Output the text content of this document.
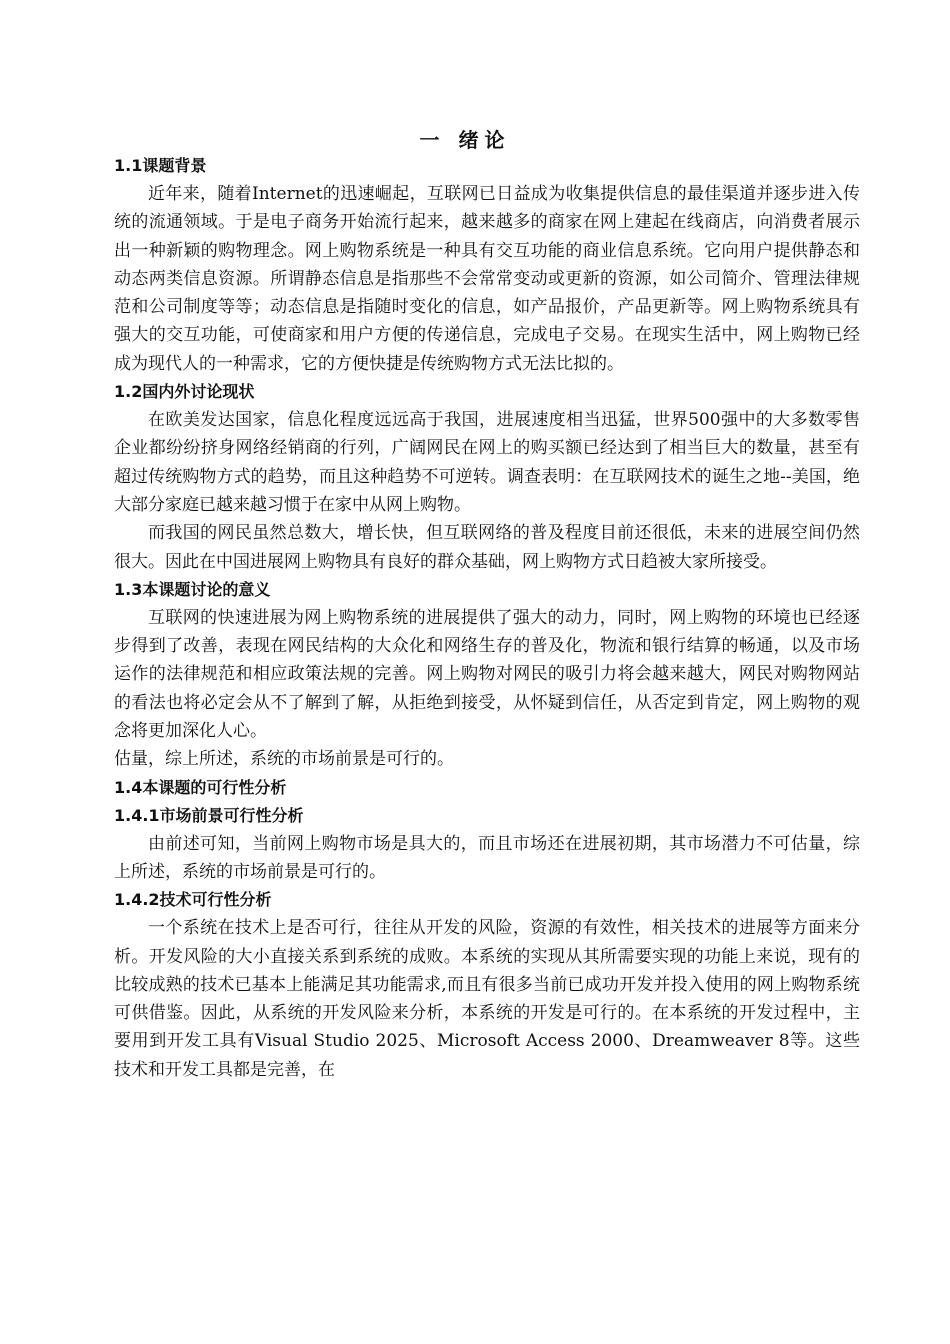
一 绪论
1.1课题背景
近年来，随着Internet的迅速崛起，互联网已日益成为收集提供信息的最佳渠道并逐步进入传统的流通领域。于是电子商务开始流行起来，越来越多的商家在网上建起在线商店，向消费者展示出一种新颖的购物理念。网上购物系统是一种具有交互功能的商业信息系统。它向用户提供静态和动态两类信息资源。所谓静态信息是指那些不会常常变动或更新的资源，如公司简介、管理法律规范和公司制度等等；动态信息是指随时变化的信息，如产品报价，产品更新等。网上购物系统具有强大的交互功能，可使商家和用户方便的传递信息，完成电子交易。在现实生活中，网上购物已经成为现代人的一种需求，它的方便快捷是传统购物方式无法比拟的。
1.2国内外讨论现状
在欧美发达国家，信息化程度远远高于我国，进展速度相当迅猛，世界500强中的大多数零售企业都纷纷挤身网络经销商的行列，广阔网民在网上的购买额已经达到了相当巨大的数量，甚至有超过传统购物方式的趋势，而且这种趋势不可逆转。调查表明：在互联网技术的诞生之地--美国，绝大部分家庭已越来越习惯于在家中从网上购物。
而我国的网民虽然总数大，增长快，但互联网络的普及程度目前还很低，未来的进展空间仍然很大。因此在中国进展网上购物具有良好的群众基础，网上购物方式日趋被大家所接受。
1.3本课题讨论的意义
互联网的快速进展为网上购物系统的进展提供了强大的动力，同时，网上购物的环境也已经逐步得到了改善，表现在网民结构的大众化和网络生存的普及化，物流和银行结算的畅通，以及市场运作的法律规范和相应政策法规的完善。网上购物对网民的吸引力将会越来越大，网民对购物网站的看法也将必定会从不了解到了解，从拒绝到接受，从怀疑到信任，从否定到肯定，网上购物的观念将更加深化人心。
估量，综上所述，系统的市场前景是可行的。
1.4本课题的可行性分析
1.4.1市场前景可行性分析
由前述可知，当前网上购物市场是具大的，而且市场还在进展初期，其市场潜力不可估量，综上所述，系统的市场前景是可行的。
1.4.2技术可行性分析
一个系统在技术上是否可行，往往从开发的风险，资源的有效性，相关技术的进展等方面来分析。开发风险的大小直接关系到系统的成败。本系统的实现从其所需要实现的功能上来说，现有的比较成熟的技术已基本上能满足其功能需求,而且有很多当前已成功开发并投入使用的网上购物系统可供借鉴。因此，从系统的开发风险来分析，本系统的开发是可行的。在本系统的开发过程中，主要用到开发工具有Visual Studio 2025、Microsoft Access 2000、Dreamweaver 8等。这些技术和开发工具都是完善，在
